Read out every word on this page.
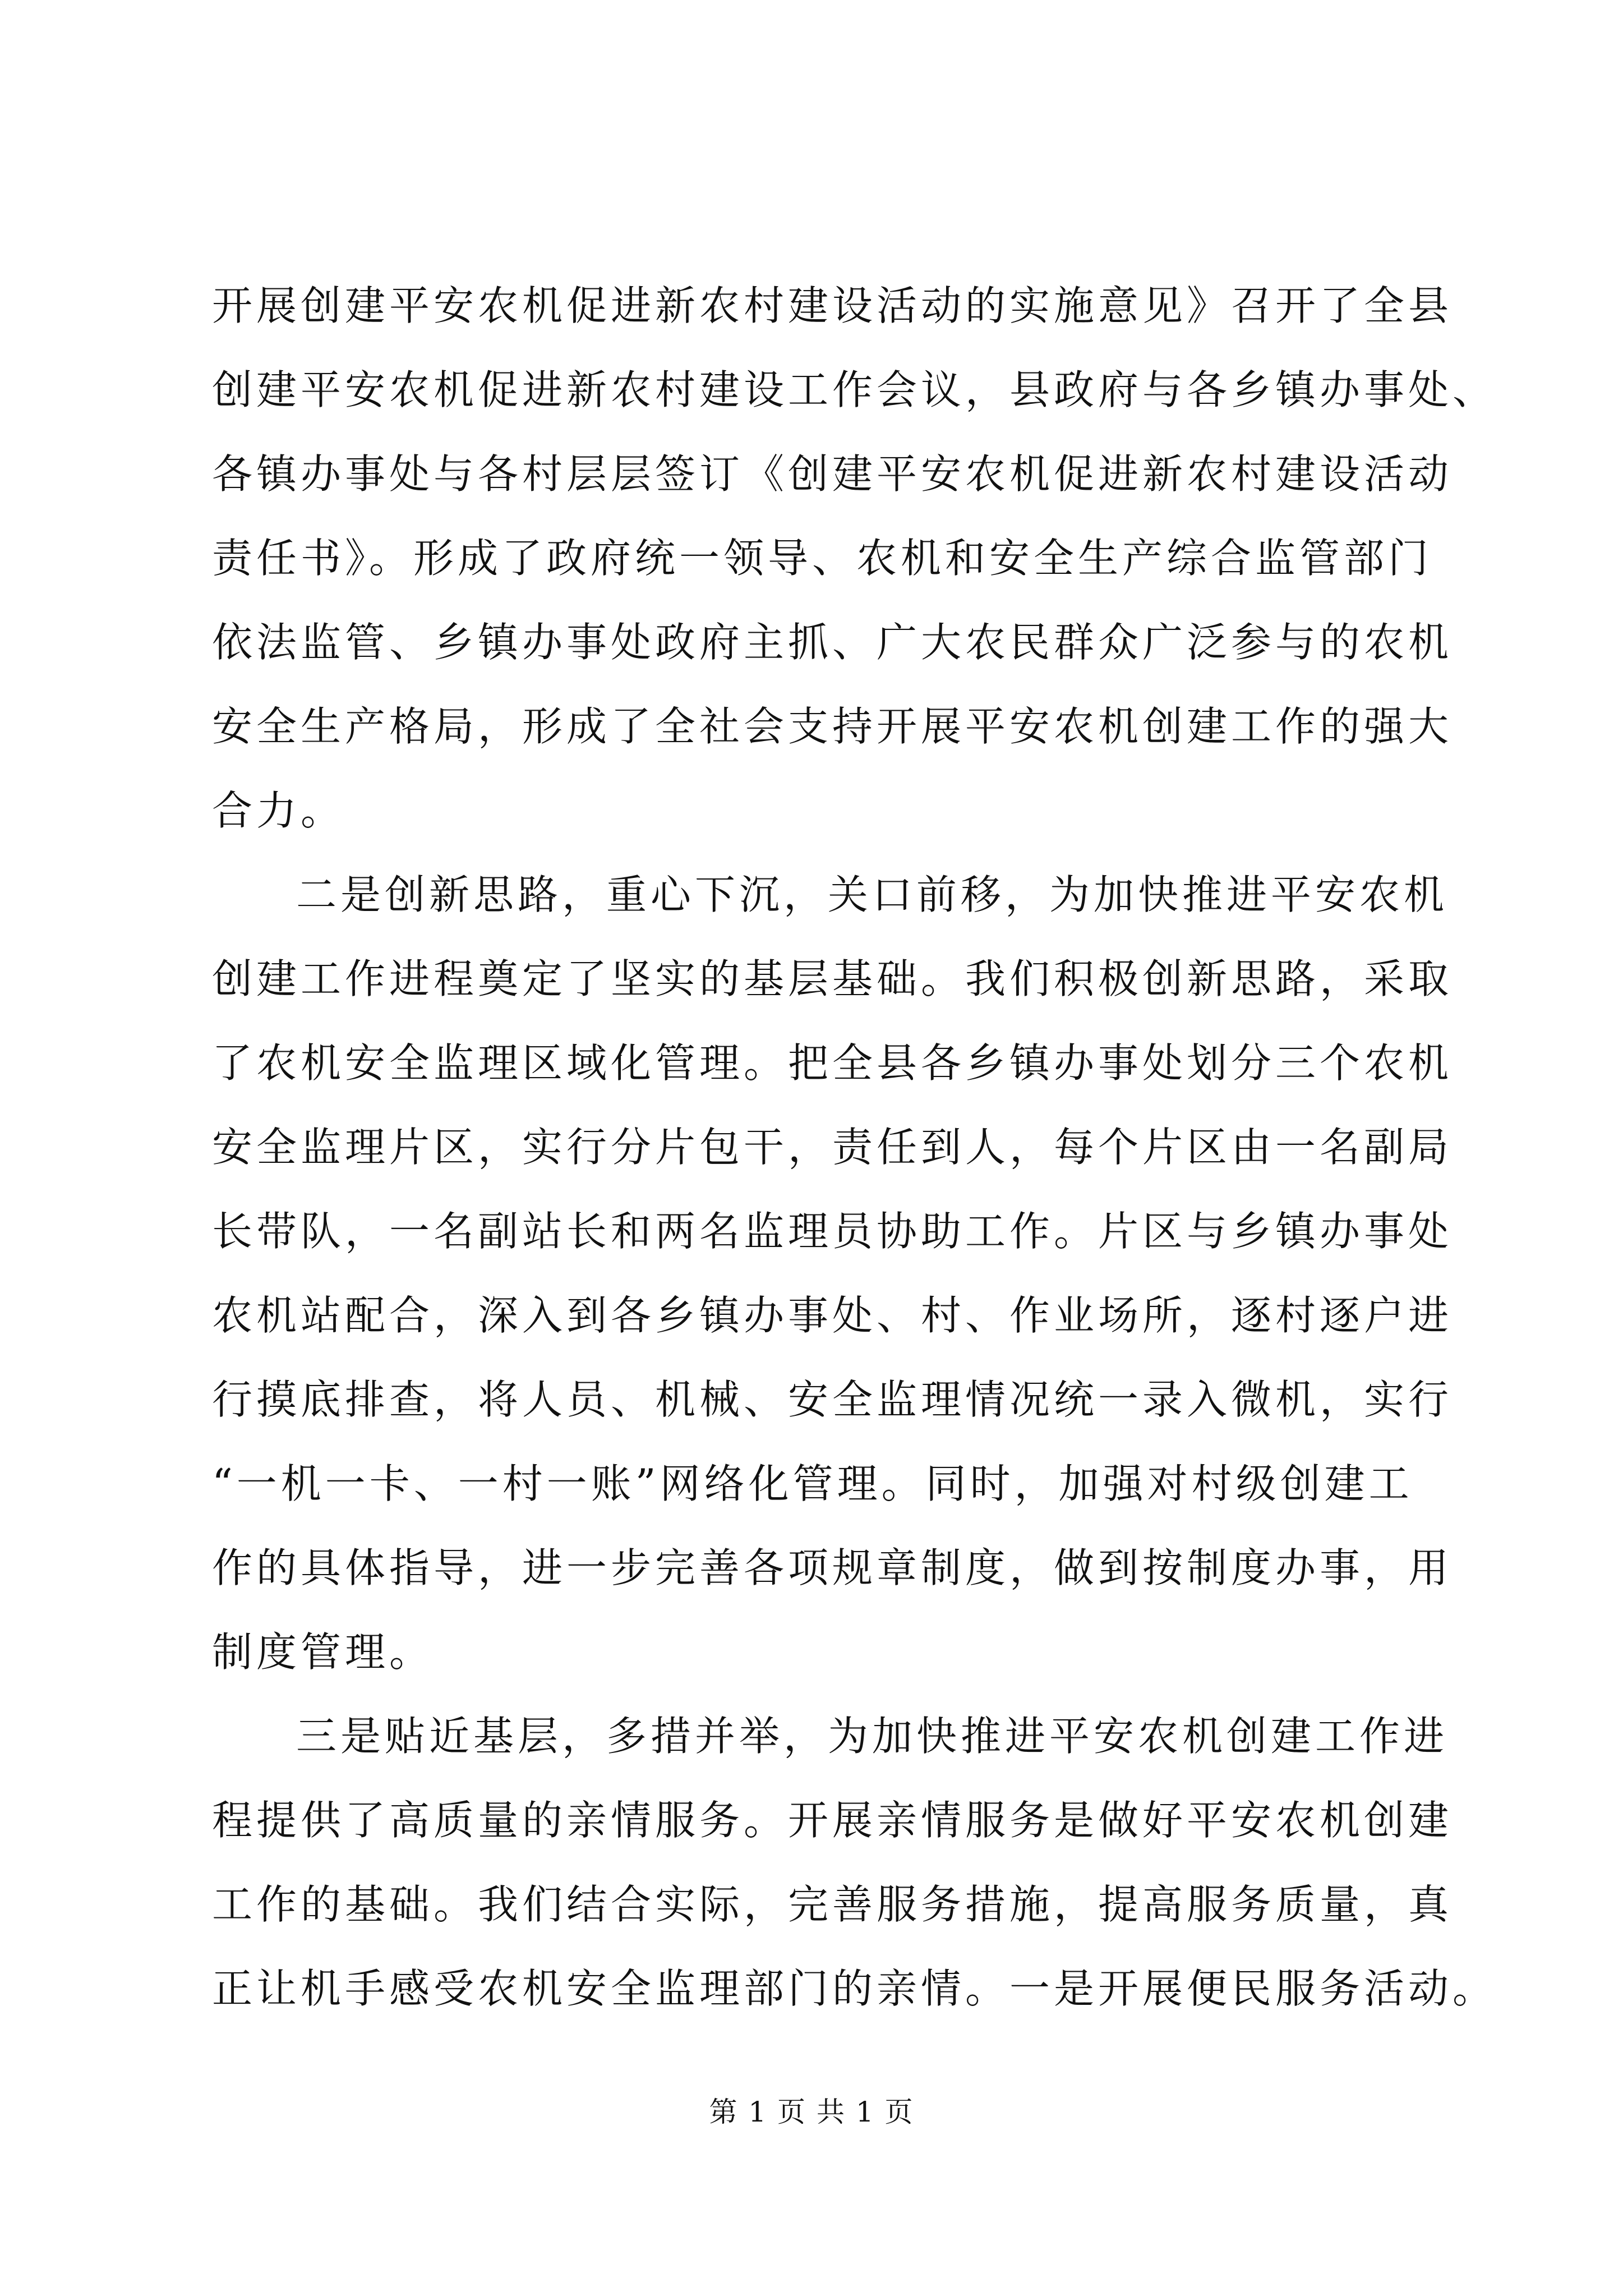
开展创建平安农机促进新农村建设活动的实施意见》召开了全县
创建平安农机促进新农村建设工作会议，县政府与各乡镇办事处、
各镇办事处与各村层层签订《创建平安农机促进新农村建设活动
责任书》。形成了政府统一领导、农机和安全生产综合监管部门
依法监管、乡镇办事处政府主抓、广大农民群众广泛参与的农机
安全生产格局，形成了全社会支持开展平安农机创建工作的强大
合力。
二是创新思路，重心下沉，关口前移，为加快推进平安农机
创建工作进程奠定了坚实的基层基础。我们积极创新思路，采取
了农机安全监理区域化管理。把全县各乡镇办事处划分三个农机
安全监理片区，实行分片包干，责任到人，每个片区由一名副局
长带队，一名副站长和两名监理员协助工作。片区与乡镇办事处
农机站配合，深入到各乡镇办事处、村、作业场所，逐村逐户进
行摸底排查，将人员、机械、安全监理情况统一录入微机，实行
“一机一卡、一村一账”网络化管理。同时，加强对村级创建工
作的具体指导，进一步完善各项规章制度，做到按制度办事，用
制度管理。
三是贴近基层，多措并举，为加快推进平安农机创建工作进
程提供了高质量的亲情服务。开展亲情服务是做好平安农机创建
工作的基础。我们结合实际，完善服务措施，提高服务质量，真
正让机手感受农机安全监理部门的亲情。一是开展便民服务活动。
第 1 页 共 1 页
